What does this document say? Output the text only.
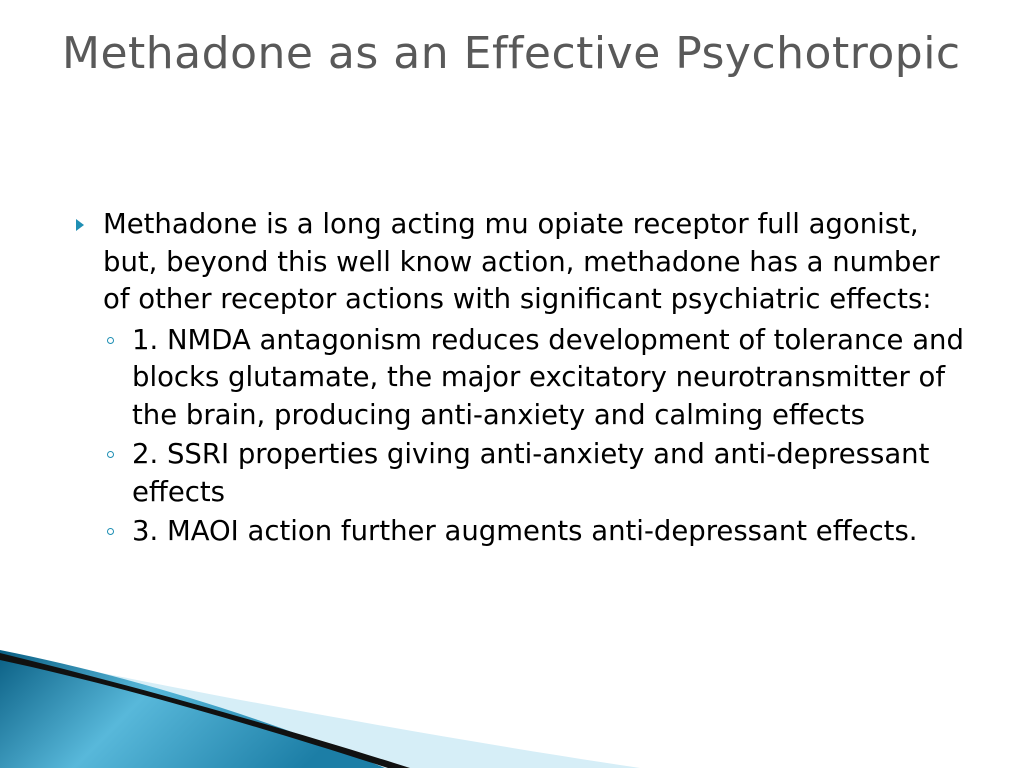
Methadone as an Effective Psychotropic

Methadone is a long acting mu opiate receptor full agonist, but, beyond this well know action, methadone has a number of other receptor actions with significant psychiatric effects:

1. NMDA antagonism reduces development of tolerance and blocks glutamate, the major excitatory neurotransmitter of the brain, producing anti-anxiety and calming effects
2. SSRI properties giving anti-anxiety and anti-depressant effects
3. MAOI action further augments anti-depressant effects.
